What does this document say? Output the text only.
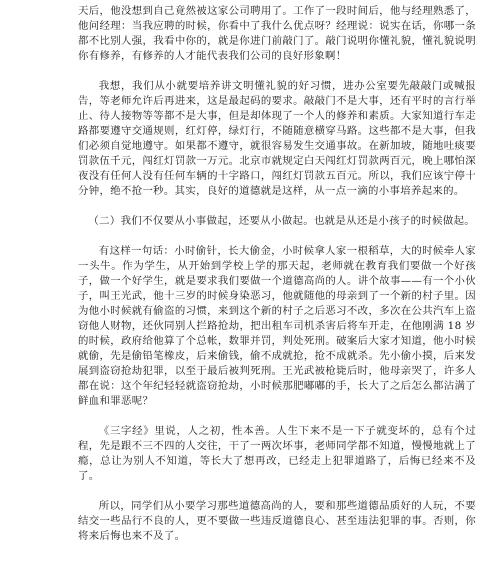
天后，他没想到自己竟然被这家公司聘用了。工作了一段时间后，他与经理熟悉了，他问经理：当我应聘的时候，你看中了我什么优点呀？经理说：说实在话，你哪一条都不比别人强，我看中你的，就是你进门前敲门了。敲门说明你懂礼貌，懂礼貌说明你有修养，有修养的人才能代表我们公司的良好形象啊！

我想，我们从小就要培养讲文明懂礼貌的好习惯，进办公室要先敲敲门或喊报告，等老师允许后再进来，这是最起码的要求。敲敲门不是大事，还有平时的言行举止、待人接物等等都不是大事，但是却体现了一个人的修养和素质。大家知道行车走路都要遵守交通规则，红灯停，绿灯行，不随随意横穿马路。这些都不是大事，但我们必须自觉地遵守。如果都不遵守，就很容易发生交通事故。在新加坡，随地吐痰要罚款伍千元，闯红灯罚款一万元。北京市就规定白天闯红灯罚款两百元，晚上哪怕深夜没有任何人没有任何车辆的十字路口，闯红灯罚款五百元。所以，我们应该宁停十分钟，绝不抢一秒。其实，良好的道德就是这样，从一点一滴的小事培养起来的。

（二）我们不仅要从小事做起，还要从小做起。也就是从还是小孩子的时候做起。

有这样一句话：小时偷针，长大偷金，小时候拿人家一根稻草，大的时候牵人家一头牛。作为学生，从开始到学校上学的那天起，老师就在教育我们要做一个好孩子，做一个好学生，就是要求我们要做一个道德高尚的人。讲个故事——有一个小伙子，叫王光武，他十三岁的时候身染恶习，他就随他的母亲到了一个新的村子里。因为他小时候就有偷盗的习惯，来到这个新的村子之后恶习不改，多次在公共汽车上盗窃他人财物，还伙同别人拦路抢劫，把出租车司机杀害后将车开走，在他刚满 18 岁的时候，政府给他算了个总帐，数罪并罚，判处死刑。破案后大家才知道，他小时候就偷，先是偷铅笔橡皮，后来偷钱，偷不成就抢，抢不成就杀。先小偷小摸，后来发展到盗窃抢劫犯罪，以至于最后被判死刑。王光武被枪毙后时，他母亲哭了，许多人都在说：这个年纪轻轻就盗窃抢劫，小时候那肥嘟嘟的手，长大了之后怎么都沾满了鲜血和罪恶呢？

《三字经》里说，人之初，性本善。人生下来不是一下子就变坏的，总有个过程，先是跟不三不四的人交往，干了一两次坏事，老师同学都不知道，慢慢地就上了瘾，总让为别人不知道，等长大了想再改，已经走上犯罪道路了，后悔已经来不及了。

所以，同学们从小要学习那些道德高尚的人，要和那些道德品质好的人玩，不要结交一些品行不良的人，更不要做一些违反道德良心、甚至违法犯罪的事。否则，你将来后悔也来不及了。
